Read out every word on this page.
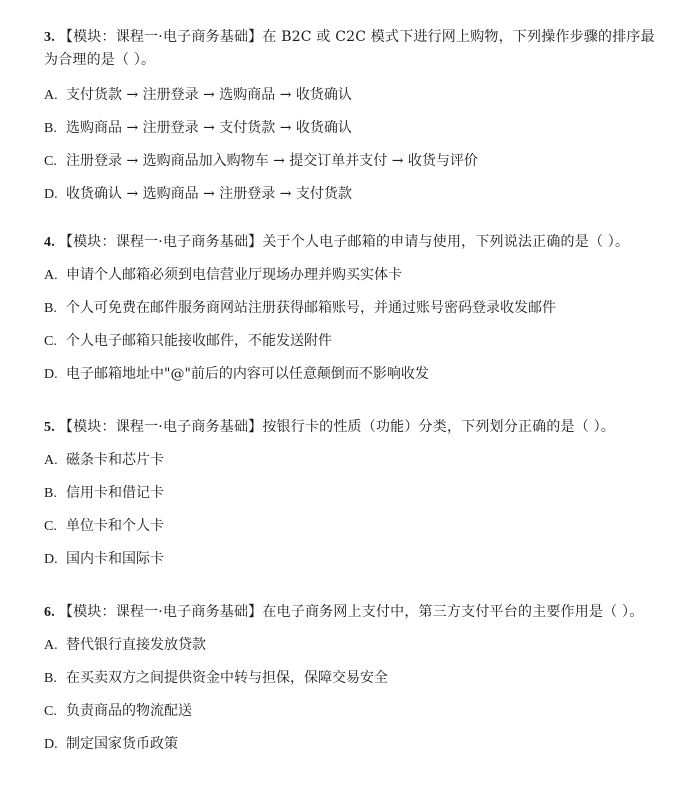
3. 【模块：课程一·电子商务基础】在 B2C 或 C2C 模式下进行网上购物，下列操作步骤的排序最为合理的是（ ）。

A. 支付货款 → 注册登录 → 选购商品 → 收货确认

B. 选购商品 → 注册登录 → 支付货款 → 收货确认

C. 注册登录 → 选购商品加入购物车 → 提交订单并支付 → 收货与评价

D. 收货确认 → 选购商品 → 注册登录 → 支付货款

4. 【模块：课程一·电子商务基础】关于个人电子邮箱的申请与使用，下列说法正确的是（ ）。

A. 申请个人邮箱必须到电信营业厅现场办理并购买实体卡

B. 个人可免费在邮件服务商网站注册获得邮箱账号，并通过账号密码登录收发邮件

C. 个人电子邮箱只能接收邮件，不能发送附件

D. 电子邮箱地址中"@"前后的内容可以任意颠倒而不影响收发

5. 【模块：课程一·电子商务基础】按银行卡的性质（功能）分类，下列划分正确的是（ ）。

A. 磁条卡和芯片卡

B. 信用卡和借记卡

C. 单位卡和个人卡

D. 国内卡和国际卡

6. 【模块：课程一·电子商务基础】在电子商务网上支付中，第三方支付平台的主要作用是（ ）。

A. 替代银行直接发放贷款

B. 在买卖双方之间提供资金中转与担保，保障交易安全

C. 负责商品的物流配送

D. 制定国家货币政策
